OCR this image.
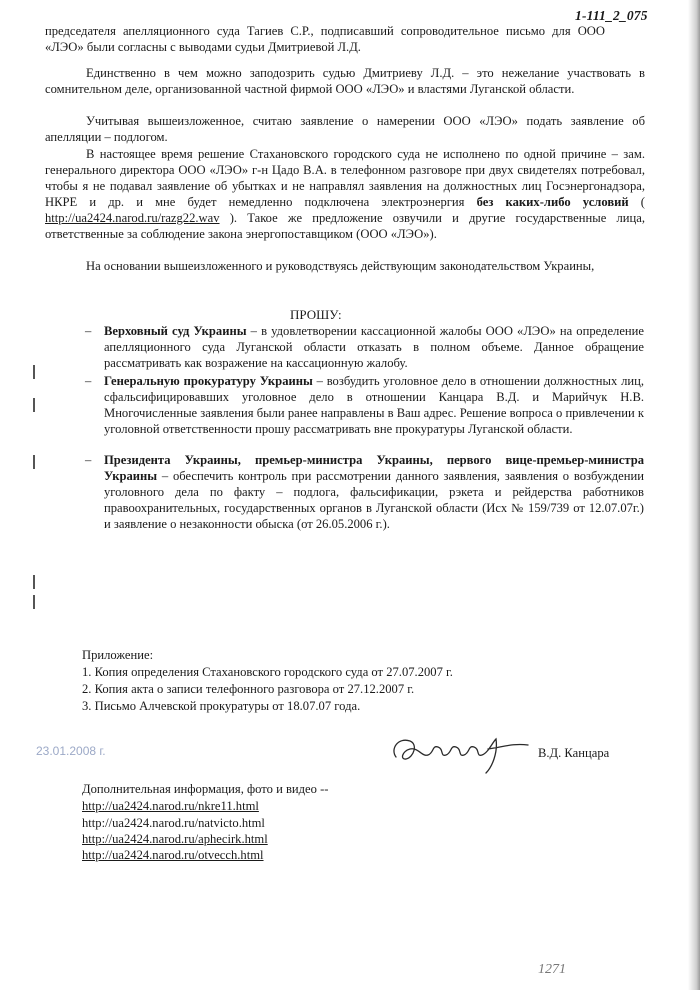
1-111_2_075
председателя апелляционного суда Тагиев С.Р., подписавший сопроводительное письмо для ООО «ЛЭО» были согласны с выводами судьи Дмитриевой Л.Д.
Единственно в чем можно заподозрить судью Дмитриеву Л.Д. – это нежелание участвовать в сомнительном деле, организованной частной фирмой ООО «ЛЭО» и властями Луганской области.
Учитывая вышеизложенное, считаю заявление о намерении ООО «ЛЭО» подать заявление об апелляции – подлогом.
В настоящее время решение Стахановского городского суда не исполнено по одной причине – зам. генерального директора ООО «ЛЭО» г-н Цадо В.А. в телефонном разговоре при двух свидетелях потребовал, чтобы я не подавал заявление об убытках и не направлял заявления на должностных лиц Госэнергонадзора, НКРЕ и др. и мне будет немедленно подключена электроэнергия без каких-либо условий ( http://ua2424.narod.ru/razg22.wav ). Такое же предложение озвучили и другие государственные лица, ответственные за соблюдение закона энергопоставщиком (ООО «ЛЭО»).
На основании вышеизложенного и руководствуясь действующим законодательством Украины,
ПРОШУ:
– Верховный суд Украины – в удовлетворении кассационной жалобы ООО «ЛЭО» на определение апелляционного суда Луганской области отказать в полном объеме. Данное обращение рассматривать как возражение на кассационную жалобу.
– Генеральную прокуратуру Украины – возбудить уголовное дело в отношении должностных лиц, сфальсифицировавших уголовное дело в отношении Канцара В.Д. и Марийчук Н.В. Многочисленные заявления были ранее направлены в Ваш адрес. Решение вопроса о привлечении к уголовной ответственности прошу рассматривать вне прокуратуры Луганской области.
– Президента Украины, премьер-министра Украины, первого вице-премьер-министра Украины – обеспечить контроль при рассмотрении данного заявления, заявления о возбуждении уголовного дела по факту – подлога, фальсификации, рэкета и рейдерства работников правоохранительных, государственных органов в Луганской области (Исх № 159/739 от 12.07.07г.) и заявление о незаконности обыска (от 26.05.2006 г.).
Приложение:
1. Копия определения Стахановского городского суда от 27.07.2007 г.
2. Копия акта о записи телефонного разговора от 27.12.2007 г.
3. Письмо Алчевской прокуратуры от 18.07.07 года.
23.01.2008 г.	В.Д. Канцара
Дополнительная информация, фото и видео --
http://ua2424.narod.ru/nkre11.html
http://ua2424.narod.ru/natvicto.html
http://ua2424.narod.ru/aphecirk.html
http://ua2424.narod.ru/otvecch.html
1271
